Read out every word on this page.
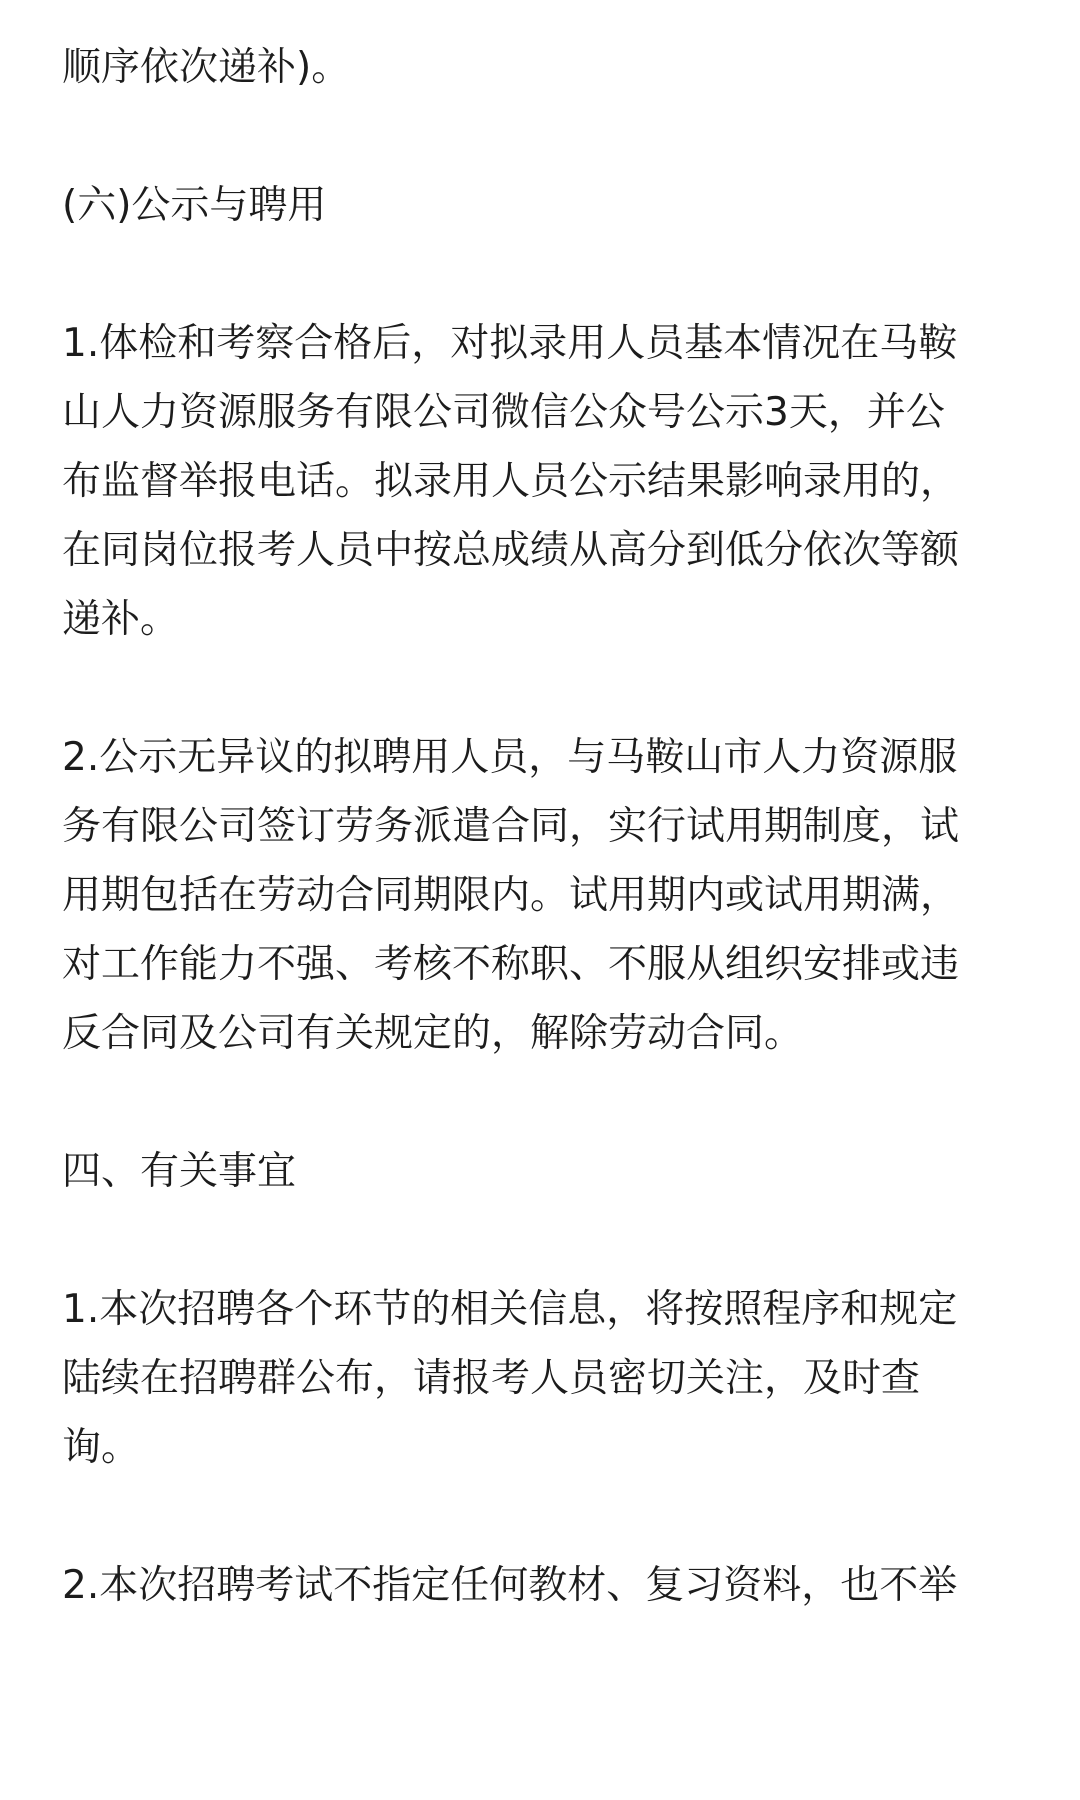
顺序依次递补)。

(六)公示与聘用

1.体检和考察合格后，对拟录用人员基本情况在马鞍

山人力资源服务有限公司微信公众号公示3天，并公

布监督举报电话。拟录用人员公示结果影响录用的，

在同岗位报考人员中按总成绩从高分到低分依次等额

递补。

2.公示无异议的拟聘用人员，与马鞍山市人力资源服

务有限公司签订劳务派遣合同，实行试用期制度，试

用期包括在劳动合同期限内。试用期内或试用期满，

对工作能力不强、考核不称职、不服从组织安排或违

反合同及公司有关规定的，解除劳动合同。

四、有关事宜

1.本次招聘各个环节的相关信息，将按照程序和规定

陆续在招聘群公布，请报考人员密切关注，及时查

询。

2.本次招聘考试不指定任何教材、复习资料，也不举
